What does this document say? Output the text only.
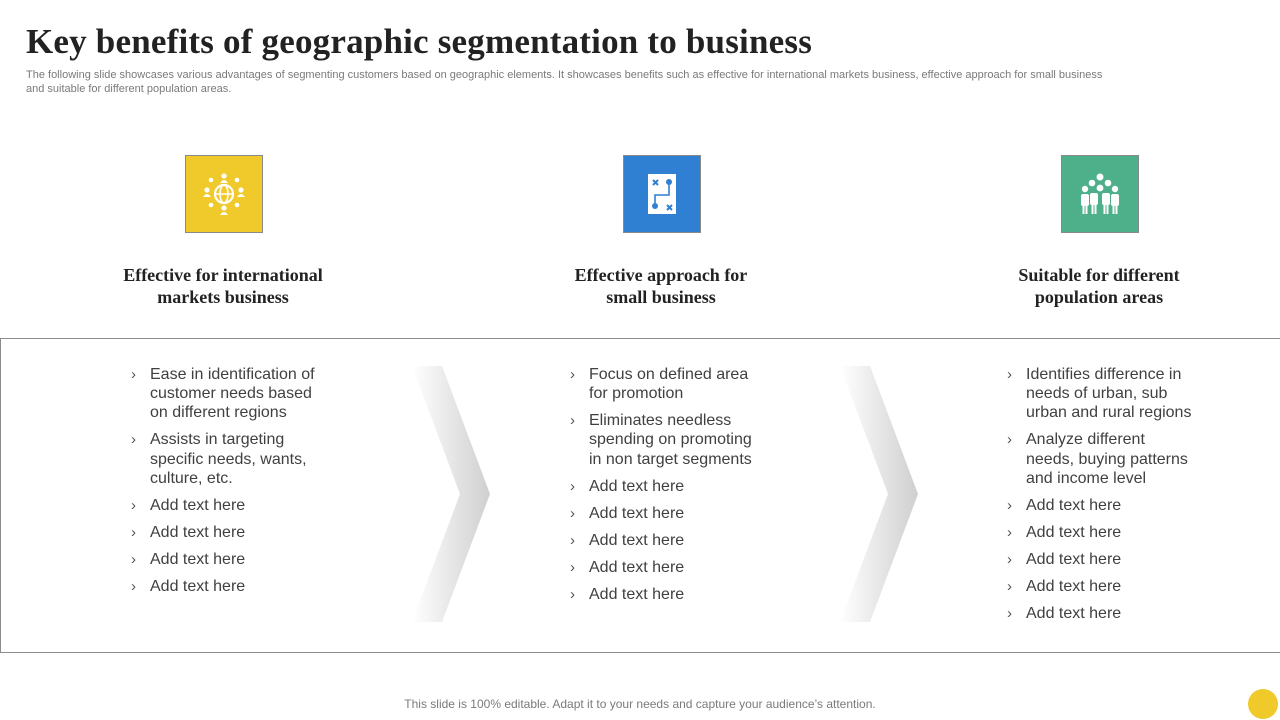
Key benefits of geographic segmentation to business

The following slide showcases various advantages of segmenting customers based on geographic elements. It showcases benefits such as effective for international markets business, effective approach for small business and suitable for different population areas.

Effective for international
markets business
Effective approach for
small business
Suitable for different
population areas
› Ease in identification of customer needs based on different regions
› Assists in targeting specific needs, wants, culture, etc.
› Add text here
› Add text here
› Add text here
› Add text here
› Focus on defined area for promotion
› Eliminates needless spending on promoting in non target segments
› Add text here
› Add text here
› Add text here
› Add text here
› Add text here
› Identifies difference in needs of urban, sub urban and rural regions
› Analyze different needs, buying patterns and income level
› Add text here
› Add text here
› Add text here
› Add text here
› Add text here
This slide is 100% editable. Adapt it to your needs and capture your audience’s attention.
